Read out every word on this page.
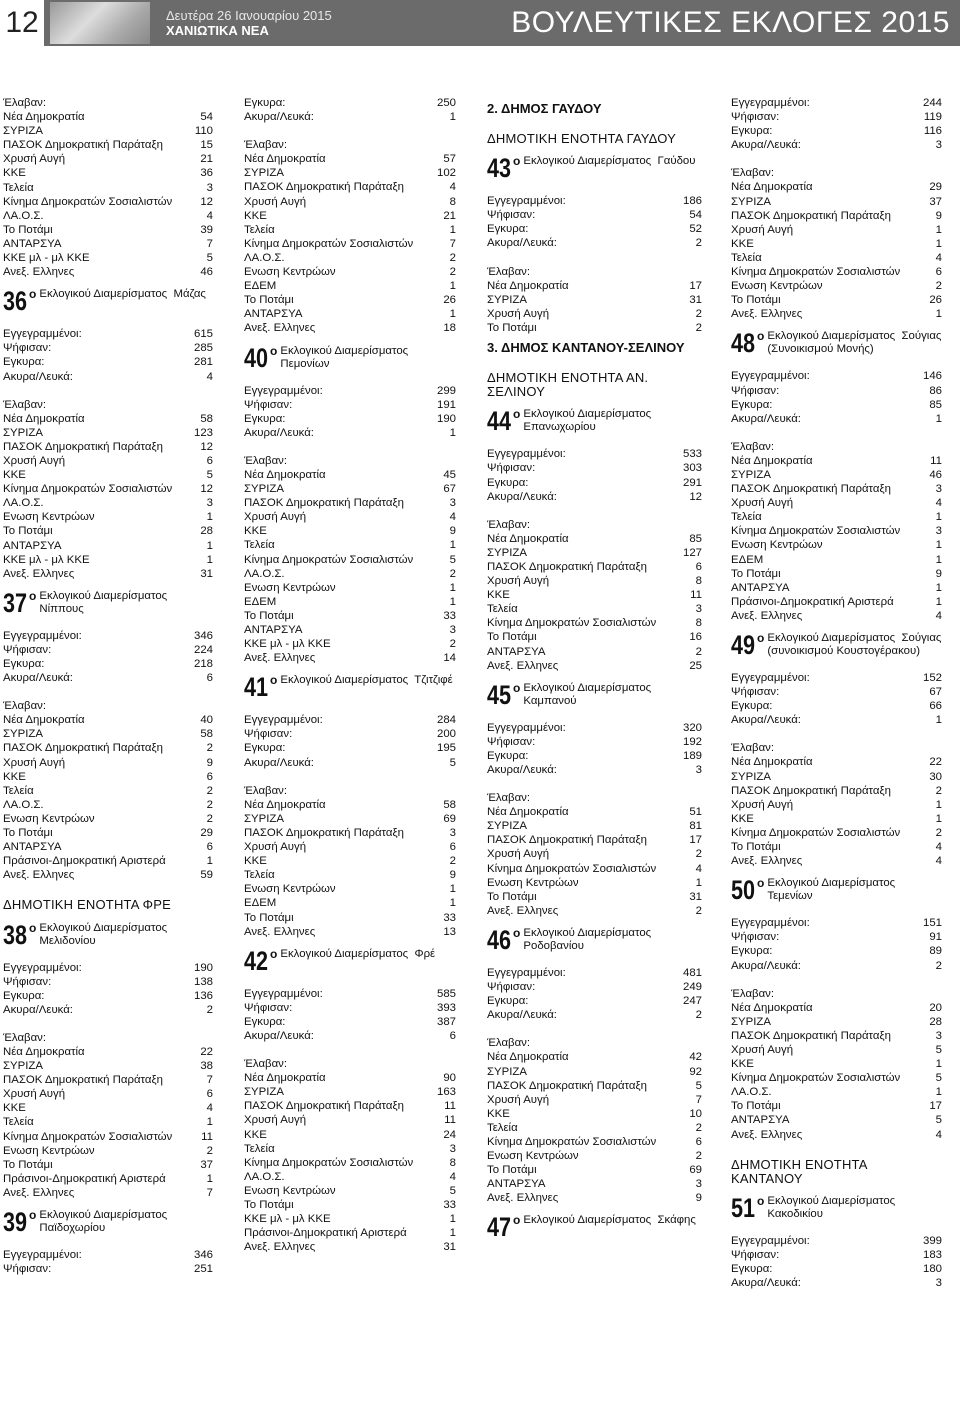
12	Δευτέρα 26 Ιανουαρίου 2015
ΧΑΝΙΩΤΙΚΑ ΝΕΑ	ΒΟΥΛΕΥΤΙΚΕΣ ΕΚΛΟΓΕΣ 2015
Έλαβαν:
Νέα Δημοκρατία	54
ΣΥΡΙΖΑ	110
ΠΑΣΟΚ Δημοκρατική Παράταξη	15
Χρυσή Αυγή	21
ΚΚΕ	36
Τελεία	3
Κίνημα Δημοκρατών Σοσιαλιστών 12
ΛΑ.Ο.Σ.	4
Το Ποτάμι	39
ΑΝΤΑΡΣΥΑ	7
ΚΚΕ μλ - μλ ΚΚΕ	5
Ανεξ. Ελληνες	46
36 ο Εκλογικού Διαμερίσματος Μάζας
Εγγεγραμμένοι:	615
Ψήφισαν:	285
Εγκυρα:	281
Ακυρα/Λευκά:	4
Έλαβαν:
Νέα Δημοκρατία	58
ΣΥΡΙΖΑ	123
ΠΑΣΟΚ Δημοκρατική Παράταξη	12
Χρυσή Αυγή	6
ΚΚΕ	5
Κίνημα Δημοκρατών Σοσιαλιστών 12
ΛΑ.Ο.Σ.	3
Ενωση Κεντρώων	1
Το Ποτάμι	28
ΑΝΤΑΡΣΥΑ	1
ΚΚΕ μλ - μλ ΚΚΕ	1
Ανεξ. Ελληνες	31
37 ο Εκλογικού Διαμερίσματος  Νίππους
Εγγεγραμμένοι:	346
Ψήφισαν:	224
Εγκυρα:	218
Ακυρα/Λευκά:	6
Έλαβαν:
Νέα Δημοκρατία	40
ΣΥΡΙΖΑ	58
ΠΑΣΟΚ Δημοκρατική Παράταξη	2
Χρυσή Αυγή	9
ΚΚΕ	6
Τελεία	2
ΛΑ.Ο.Σ.	2
Ενωση Κεντρώων	2
Το Ποτάμι	29
ΑΝΤΑΡΣΥΑ	6
Πράσινοι-Δημοκρατική Αριστερά	1
Ανεξ. Ελληνες	59
ΔΗΜΟΤΙΚΗ ΕΝΟΤΗΤΑ ΦΡΕ
38 ο Εκλογικού Διαμερίσματος  Μελιδονίου
Εγγεγραμμένοι:	190
Ψήφισαν:	138
Εγκυρα:	136
Ακυρα/Λευκά:	2
Έλαβαν:
Νέα Δημοκρατία	22
ΣΥΡΙΖΑ	38
ΠΑΣΟΚ Δημοκρατική Παράταξη	7
Χρυσή Αυγή	6
ΚΚΕ	4
Τελεία	1
Κίνημα Δημοκρατών Σοσιαλιστών	11
Ενωση Κεντρώων	2
Το Ποτάμι	37
Πράσινοι-Δημοκρατική Αριστερά	1
Ανεξ. Ελληνες	7
39 ο Εκλογικού Διαμερίσματος  Παϊδοχωρίου
Εγγεγραμμένοι:	346
Ψήφισαν:	251
Εγκυρα:	250
Ακυρα/Λευκά:	1
Έλαβαν:
Νέα Δημοκρατία	57
ΣΥΡΙΖΑ	102
ΠΑΣΟΚ Δημοκρατική Παράταξη	4
Χρυσή Αυγή	8
ΚΚΕ	21
Τελεία	1
Κίνημα Δημοκρατών Σοσιαλιστών	7
ΛΑ.Ο.Σ.	2
Ενωση Κεντρώων	2
ΕΔΕΜ	1
Το Ποτάμι	26
ΑΝΤΑΡΣΥΑ	1
Ανεξ. Ελληνες	18
40 ο Εκλογικού Διαμερίσματος  Πεμονίων
Εγγεγραμμένοι:	299
Ψήφισαν:	191
Εγκυρα:	190
Ακυρα/Λευκά:	1
Έλαβαν:
Νέα Δημοκρατία	45
ΣΥΡΙΖΑ	67
ΠΑΣΟΚ Δημοκρατική Παράταξη	3
Χρυσή Αυγή	4
ΚΚΕ	9
Τελεία	1
Κίνημα Δημοκρατών Σοσιαλιστών	5
ΛΑ.Ο.Σ.	2
Ενωση Κεντρώων	1
ΕΔΕΜ	1
Το Ποτάμι	33
ΑΝΤΑΡΣΥΑ	3
ΚΚΕ μλ - μλ ΚΚΕ	2
Ανεξ. Ελληνες	14
41 ο Εκλογικού Διαμερίσματος Τζιτζιφέ
Εγγεγραμμένοι:	284
Ψήφισαν:	200
Εγκυρα:	195
Ακυρα/Λευκά:	5
Έλαβαν:
Νέα Δημοκρατία	58
ΣΥΡΙΖΑ	69
ΠΑΣΟΚ Δημοκρατική Παράταξη	3
Χρυσή Αυγή	6
ΚΚΕ	2
Τελεία	9
Ενωση Κεντρώων	1
ΕΔΕΜ	1
Το Ποτάμι	33
Ανεξ. Ελληνες	13
42 ο Εκλογικού Διαμερίσματος Φρέ
Εγγεγραμμένοι:	585
Ψήφισαν:	393
Εγκυρα:	387
Ακυρα/Λευκά:	6
Έλαβαν:
Νέα Δημοκρατία	90
ΣΥΡΙΖΑ	163
ΠΑΣΟΚ Δημοκρατική Παράταξη	11
Χρυσή Αυγή	11
ΚΚΕ	24
Τελεία	3
Κίνημα Δημοκρατών Σοσιαλιστών	8
ΛΑ.Ο.Σ.	4
Ενωση Κεντρώων	5
Το Ποτάμι	33
ΚΚΕ μλ - μλ ΚΚΕ	1
Πράσινοι-Δημοκρατική Αριστερά	1
Ανεξ. Ελληνες	31
2. ΔΗΜΟΣ ΓΑΥΔΟΥ
ΔΗΜΟΤΙΚΗ ΕΝΟΤΗΤΑ ΓΑΥΔΟΥ
43 ο Εκλογικού Διαμερίσματος Γαύδου
Εγγεγραμμένοι:	186
Ψήφισαν:	54
Εγκυρα:	52
Ακυρα/Λευκά:	2
Έλαβαν:
Νέα Δημοκρατία	17
ΣΥΡΙΖΑ	31
Χρυσή Αυγή	2
Το Ποτάμι	2
3. ΔΗΜΟΣ ΚΑΝΤΑΝΟΥ-ΣΕΛΙΝΟΥ
ΔΗΜΟΤΙΚΗ ΕΝΟΤΗΤΑ ΑΝ. ΣΕΛΙΝΟΥ
44 ο Εκλογικού Διαμερίσματος  Επανωχωρίου
Εγγεγραμμένοι:	533
Ψήφισαν:	303
Εγκυρα:	291
Ακυρα/Λευκά:	12
Έλαβαν:
Νέα Δημοκρατία	85
ΣΥΡΙΖΑ	127
ΠΑΣΟΚ Δημοκρατική Παράταξη	6
Χρυσή Αυγή	8
ΚΚΕ	11
Τελεία	3
Κίνημα Δημοκρατών Σοσιαλιστών	8
Το Ποτάμι	16
ΑΝΤΑΡΣΥΑ	2
Ανεξ. Ελληνες	25
45 ο Εκλογικού Διαμερίσματος  Καμπανού
Εγγεγραμμένοι:	320
Ψήφισαν:	192
Εγκυρα:	189
Ακυρα/Λευκά:	3
Έλαβαν:
Νέα Δημοκρατία	51
ΣΥΡΙΖΑ	81
ΠΑΣΟΚ Δημοκρατική Παράταξη	17
Χρυσή Αυγή	2
Κίνημα Δημοκρατών Σοσιαλιστών	4
Ενωση Κεντρώων	1
Το Ποτάμι	31
Ανεξ. Ελληνες	2
46 ο Εκλογικού Διαμερίσματος  Ροδοβανίου
Εγγεγραμμένοι:	481
Ψήφισαν:	249
Εγκυρα:	247
Ακυρα/Λευκά:	2
Έλαβαν:
Νέα Δημοκρατία	42
ΣΥΡΙΖΑ	92
ΠΑΣΟΚ Δημοκρατική Παράταξη	5
Χρυσή Αυγή	7
ΚΚΕ	10
Τελεία	2
Κίνημα Δημοκρατών Σοσιαλιστών	6
Ενωση Κεντρώων	2
Το Ποτάμι	69
ΑΝΤΑΡΣΥΑ	3
Ανεξ. Ελληνες	9
47 ο Εκλογικού Διαμερίσματος Σκάφης
Εγγεγραμμένοι:	244
Ψήφισαν:	119
Εγκυρα:	116
Ακυρα/Λευκά:	3
Έλαβαν:
Νέα Δημοκρατία	29
ΣΥΡΙΖΑ	37
ΠΑΣΟΚ Δημοκρατική Παράταξη	9
Χρυσή Αυγή	1
ΚΚΕ	1
Τελεία	4
Κίνημα Δημοκρατών Σοσιαλιστών	6
Ενωση Κεντρώων	2
Το Ποτάμι	26
Ανεξ. Ελληνες	1
48 ο Εκλογικού Διαμερίσματος Σούγιας
(Συνοικισμού Μονής)
Εγγεγραμμένοι:	146
Ψήφισαν:	86
Εγκυρα:	85
Ακυρα/Λευκά:	1
Έλαβαν:
Νέα Δημοκρατία	11
ΣΥΡΙΖΑ	46
ΠΑΣΟΚ Δημοκρατική Παράταξη	3
Χρυσή Αυγή	4
Τελεία	1
Κίνημα Δημοκρατών Σοσιαλιστών	3
Ενωση Κεντρώων	1
ΕΔΕΜ	1
Το Ποτάμι	9
ΑΝΤΑΡΣΥΑ	1
Πράσινοι-Δημοκρατική Αριστερά	1
Ανεξ. Ελληνες	4
49 ο Εκλογικού Διαμερίσματος Σούγιας
(συνοικισμού Κουστογέρακου)
Εγγεγραμμένοι:	152
Ψήφισαν:	67
Εγκυρα:	66
Ακυρα/Λευκά:	1
Έλαβαν:
Νέα Δημοκρατία	22
ΣΥΡΙΖΑ	30
ΠΑΣΟΚ Δημοκρατική Παράταξη	2
Χρυσή Αυγή	1
ΚΚΕ	1
Κίνημα Δημοκρατών Σοσιαλιστών	2
Το Ποτάμι	4
Ανεξ. Ελληνες	4
50 ο Εκλογικού Διαμερίσματος  Τεμενίων
Εγγεγραμμένοι:	151
Ψήφισαν:	91
Εγκυρα:	89
Ακυρα/Λευκά:	2
Έλαβαν:
Νέα Δημοκρατία	20
ΣΥΡΙΖΑ	28
ΠΑΣΟΚ Δημοκρατική Παράταξη	3
Χρυσή Αυγή	5
ΚΚΕ	1
Κίνημα Δημοκρατών Σοσιαλιστών	5
ΛΑ.Ο.Σ.	1
Το Ποτάμι	17
ΑΝΤΑΡΣΥΑ	5
Ανεξ. Ελληνες	4
ΔΗΜΟΤΙΚΗ ΕΝΟΤΗΤΑ ΚΑΝΤΑΝΟΥ
51 ο Εκλογικού Διαμερίσματος  Κακοδικίου
Εγγεγραμμένοι:	399
Ψήφισαν:	183
Εγκυρα:	180
Ακυρα/Λευκά:	3
